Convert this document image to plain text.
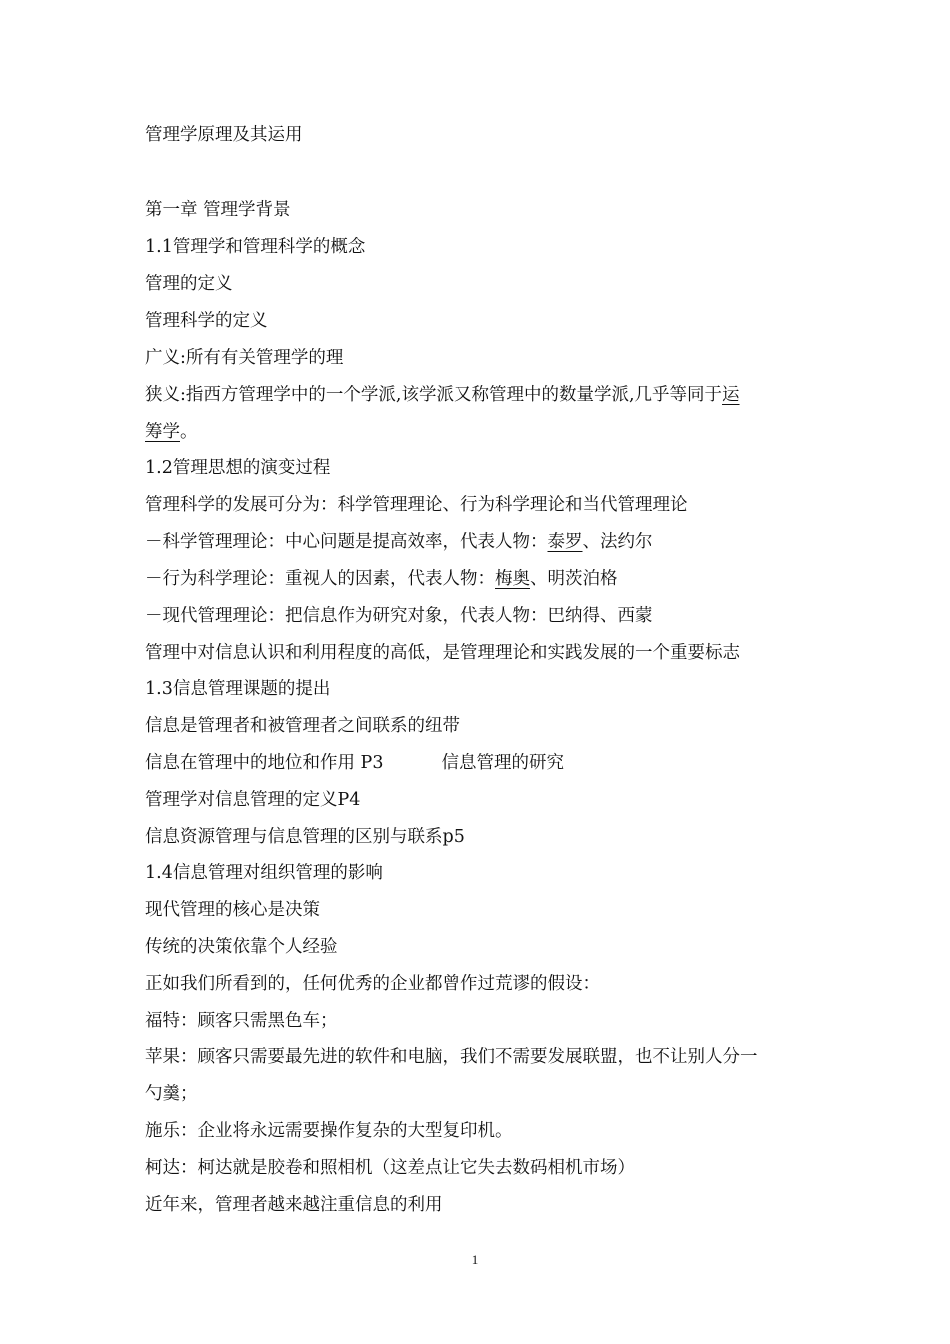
管理学原理及其运用
第一章 管理学背景
1.1管理学和管理科学的概念
管理的定义
管理科学的定义
广义:所有有关管理学的理
狭义:指西方管理学中的一个学派,该学派又称管理中的数量学派,几乎等同于运
筹学。
1.2管理思想的演变过程
管理科学的发展可分为：科学管理理论、行为科学理论和当代管理理论
－科学管理理论：中心问题是提高效率，代表人物：泰罗、法约尔
－行为科学理论：重视人的因素，代表人物：梅奥、明茨泊格
－现代管理理论：把信息作为研究对象，代表人物：巴纳得、西蒙
管理中对信息认识和利用程度的高低，是管理理论和实践发展的一个重要标志
1.3信息管理课题的提出
信息是管理者和被管理者之间联系的纽带
信息在管理中的地位和作用 P3	信息管理的研究
管理学对信息管理的定义P4
信息资源管理与信息管理的区别与联系p5
1.4信息管理对组织管理的影响
现代管理的核心是决策
传统的决策依靠个人经验
正如我们所看到的，任何优秀的企业都曾作过荒谬的假设：
福特：顾客只需黑色车；
苹果：顾客只需要最先进的软件和电脑，我们不需要发展联盟，也不让别人分一
勺羹；
施乐：企业将永远需要操作复杂的大型复印机。
柯达：柯达就是胶卷和照相机（这差点让它失去数码相机市场）
近年来，管理者越来越注重信息的利用
1
